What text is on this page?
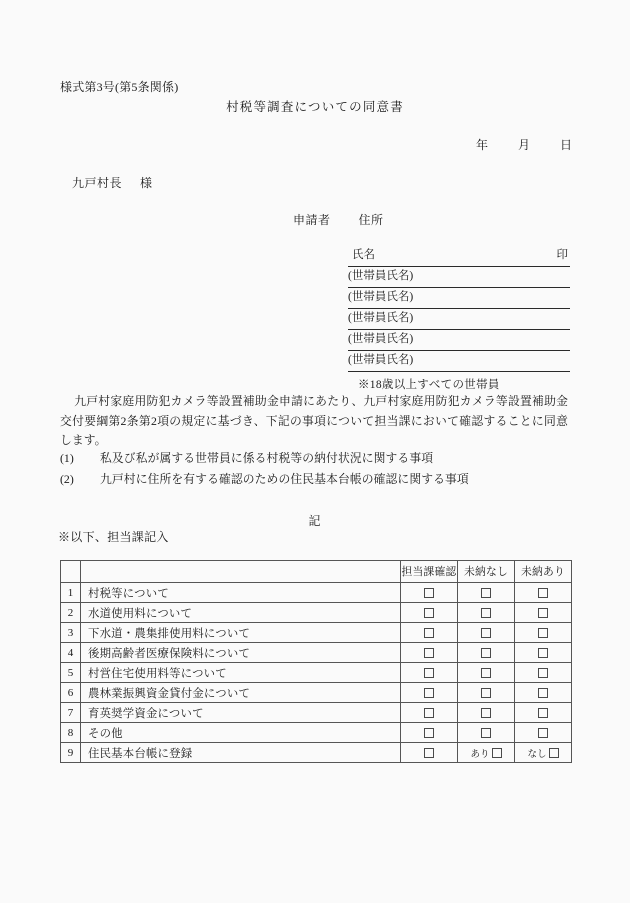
様式第3号(第5条関係)
村税等調査についての同意書
年	月	日
九戸村長 様
申請者 住所
氏名	印
(世帯員氏名)
(世帯員氏名)
(世帯員氏名)
(世帯員氏名)
(世帯員氏名)
※18歳以上すべての世帯員
九戸村家庭用防犯カメラ等設置補助金申請にあたり、九戸村家庭用防犯カメラ等設置補助金交付要綱第2条第2項の規定に基づき、下記の事項について担当課において確認することに同意します。
(1)	私及び私が属する世帯員に係る村税等の納付状況に関する事項
(2)	九戸村に住所を有する確認のための住民基本台帳の確認に関する事項
記
※以下、担当課記入
		担当課確認	未納なし	未納あり
1	村税等について			
2	水道使用料について			
3	下水道・農集排使用料について			
4	後期高齢者医療保険料について			
5	村営住宅使用料等について			
6	農林業振興資金貸付金について			
7	育英奨学資金について			
8	その他			
9	住民基本台帳に登録		あり	なし
